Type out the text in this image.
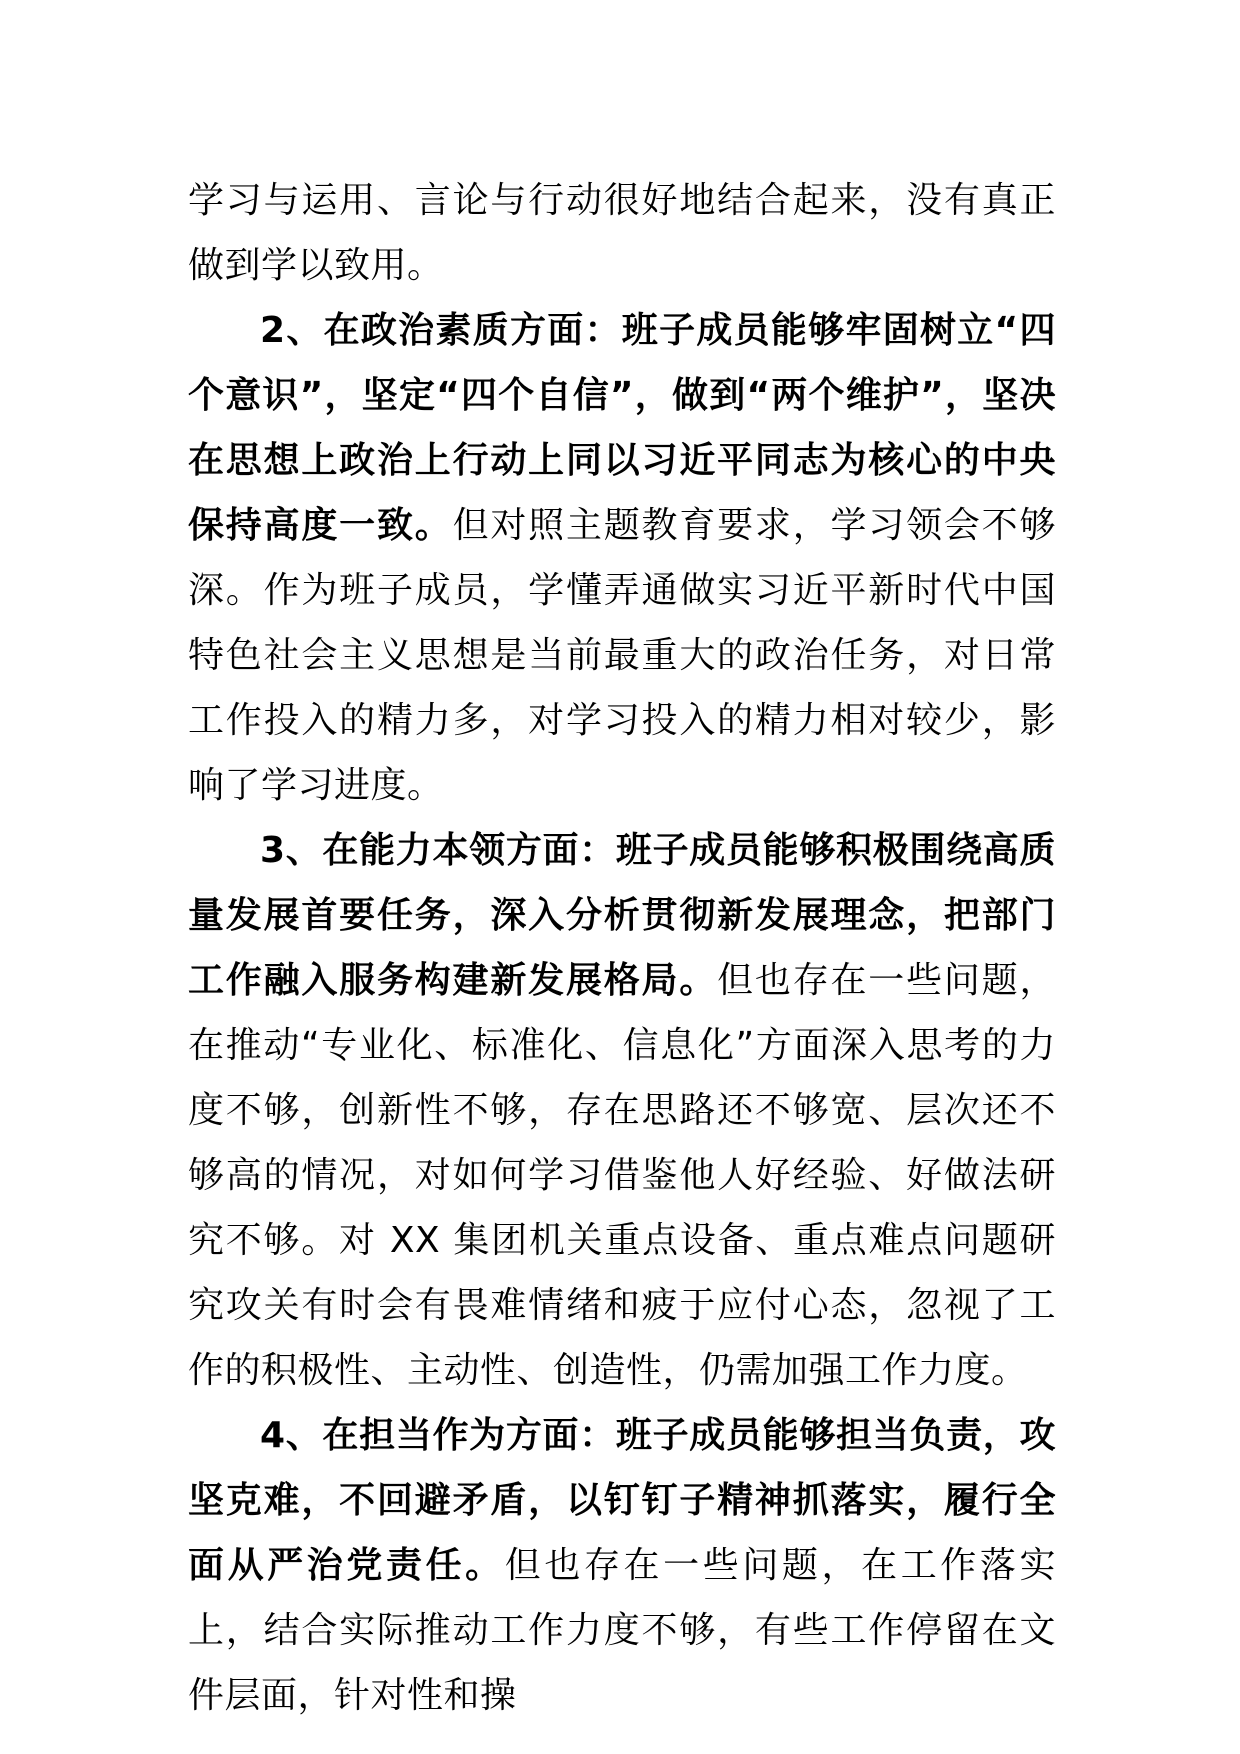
学习与运用、言论与行动很好地结合起来，没有真正做到学以致用。

2、在政治素质方面：班子成员能够牢固树立“四个意识”，坚定“四个自信”，做到“两个维护”，坚决在思想上政治上行动上同以习近平同志为核心的中央保持高度一致。但对照主题教育要求，学习领会不够深。作为班子成员，学懂弄通做实习近平新时代中国特色社会主义思想是当前最重大的政治任务，对日常工作投入的精力多，对学习投入的精力相对较少，影响了学习进度。

3、在能力本领方面：班子成员能够积极围绕高质量发展首要任务，深入分析贯彻新发展理念，把部门工作融入服务构建新发展格局。但也存在一些问题，在推动“专业化、标准化、信息化”方面深入思考的力度不够，创新性不够，存在思路还不够宽、层次还不够高的情况，对如何学习借鉴他人好经验、好做法研究不够。对 XX 集团机关重点设备、重点难点问题研究攻关有时会有畏难情绪和疲于应付心态，忽视了工作的积极性、主动性、创造性，仍需加强工作力度。

4、在担当作为方面：班子成员能够担当负责，攻坚克难，不回避矛盾，以钉钉子精神抓落实，履行全面从严治党责任。但也存在一些问题，在工作落实上，结合实际推动工作力度不够，有些工作停留在文件层面，针对性和操
